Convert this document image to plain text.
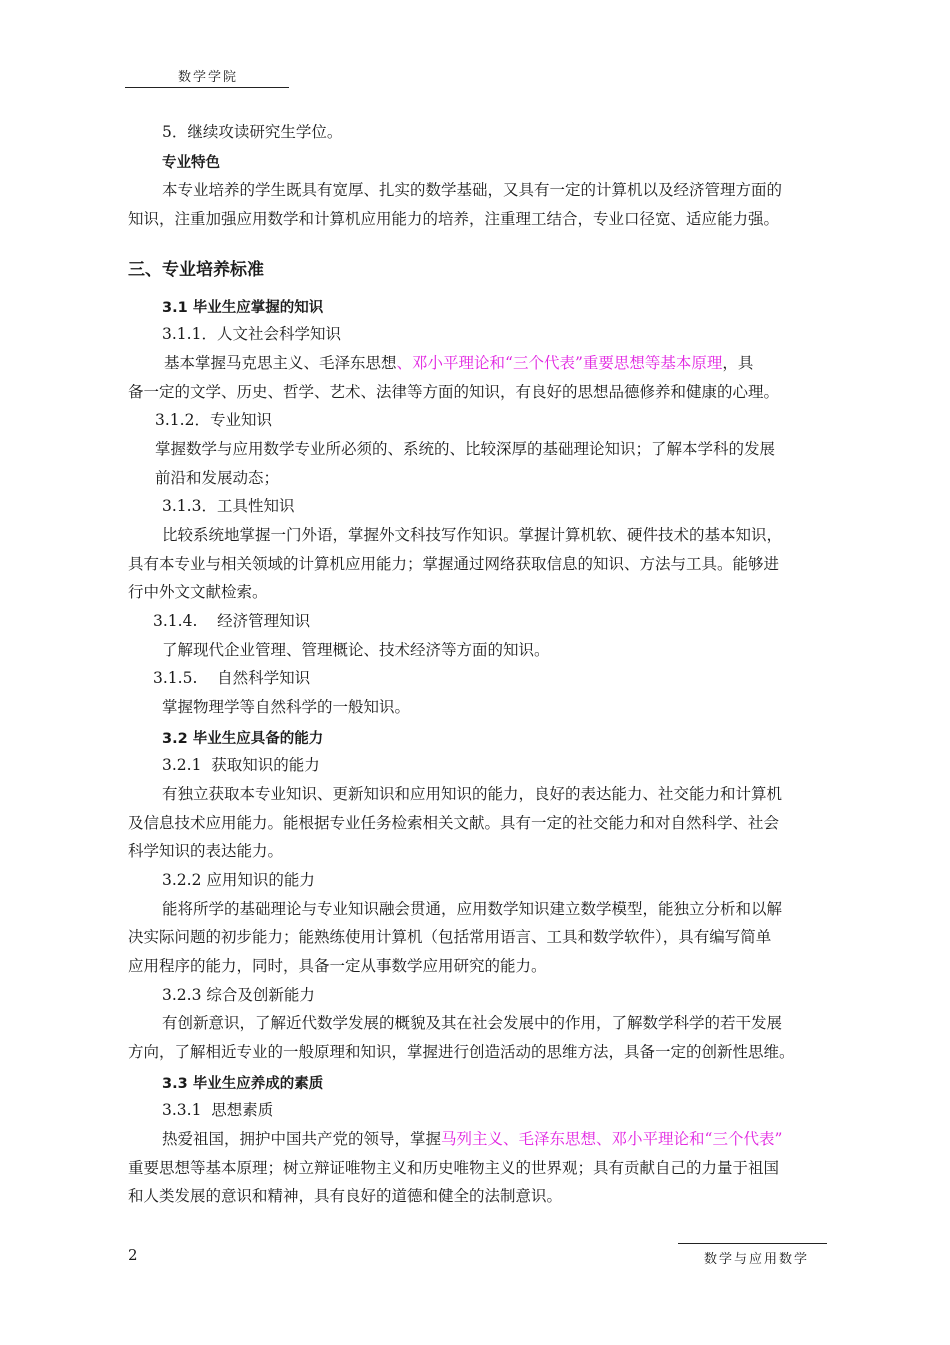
数学学院
5．继续攻读研究生学位。
专业特色
本专业培养的学生既具有宽厚、扎实的数学基础，又具有一定的计算机以及经济管理方面的
知识，注重加强应用数学和计算机应用能力的培养，注重理工结合，专业口径宽、适应能力强。
三、专业培养标准
3.1 毕业生应掌握的知识
3.1.1．人文社会科学知识
基本掌握马克思主义、毛泽东思想、邓小平理论和“三个代表”重要思想等基本原理，具
备一定的文学、历史、哲学、艺术、法律等方面的知识，有良好的思想品德修养和健康的心理。
3.1.2．专业知识
掌握数学与应用数学专业所必须的、系统的、比较深厚的基础理论知识；了解本学科的发展
前沿和发展动态；
3.1.3．工具性知识
比较系统地掌握一门外语，掌握外文科技写作知识。掌握计算机软、硬件技术的基本知识，
具有本专业与相关领域的计算机应用能力；掌握通过网络获取信息的知识、方法与工具。能够进
行中外文文献检索。
3.1.4.    经济管理知识
了解现代企业管理、管理概论、技术经济等方面的知识。
3.1.5.    自然科学知识
掌握物理学等自然科学的一般知识。
3.2 毕业生应具备的能力
3.2.1  获取知识的能力
有独立获取本专业知识、更新知识和应用知识的能力，良好的表达能力、社交能力和计算机
及信息技术应用能力。能根据专业任务检索相关文献。具有一定的社交能力和对自然科学、社会
科学知识的表达能力。
3.2.2 应用知识的能力
能将所学的基础理论与专业知识融会贯通，应用数学知识建立数学模型，能独立分析和以解
决实际问题的初步能力；能熟练使用计算机（包括常用语言、工具和数学软件），具有编写简单
应用程序的能力，同时，具备一定从事数学应用研究的能力。
3.2.3 综合及创新能力
有创新意识，了解近代数学发展的概貌及其在社会发展中的作用，了解数学科学的若干发展
方向，了解相近专业的一般原理和知识，掌握进行创造活动的思维方法，具备一定的创新性思维。
3.3 毕业生应养成的素质
3.3.1  思想素质
热爱祖国，拥护中国共产党的领导，掌握马列主义、毛泽东思想、邓小平理论和“三个代表”
重要思想等基本原理；树立辩证唯物主义和历史唯物主义的世界观；具有贡献自己的力量于祖国
和人类发展的意识和精神，具有良好的道德和健全的法制意识。
2	数学与应用数学
